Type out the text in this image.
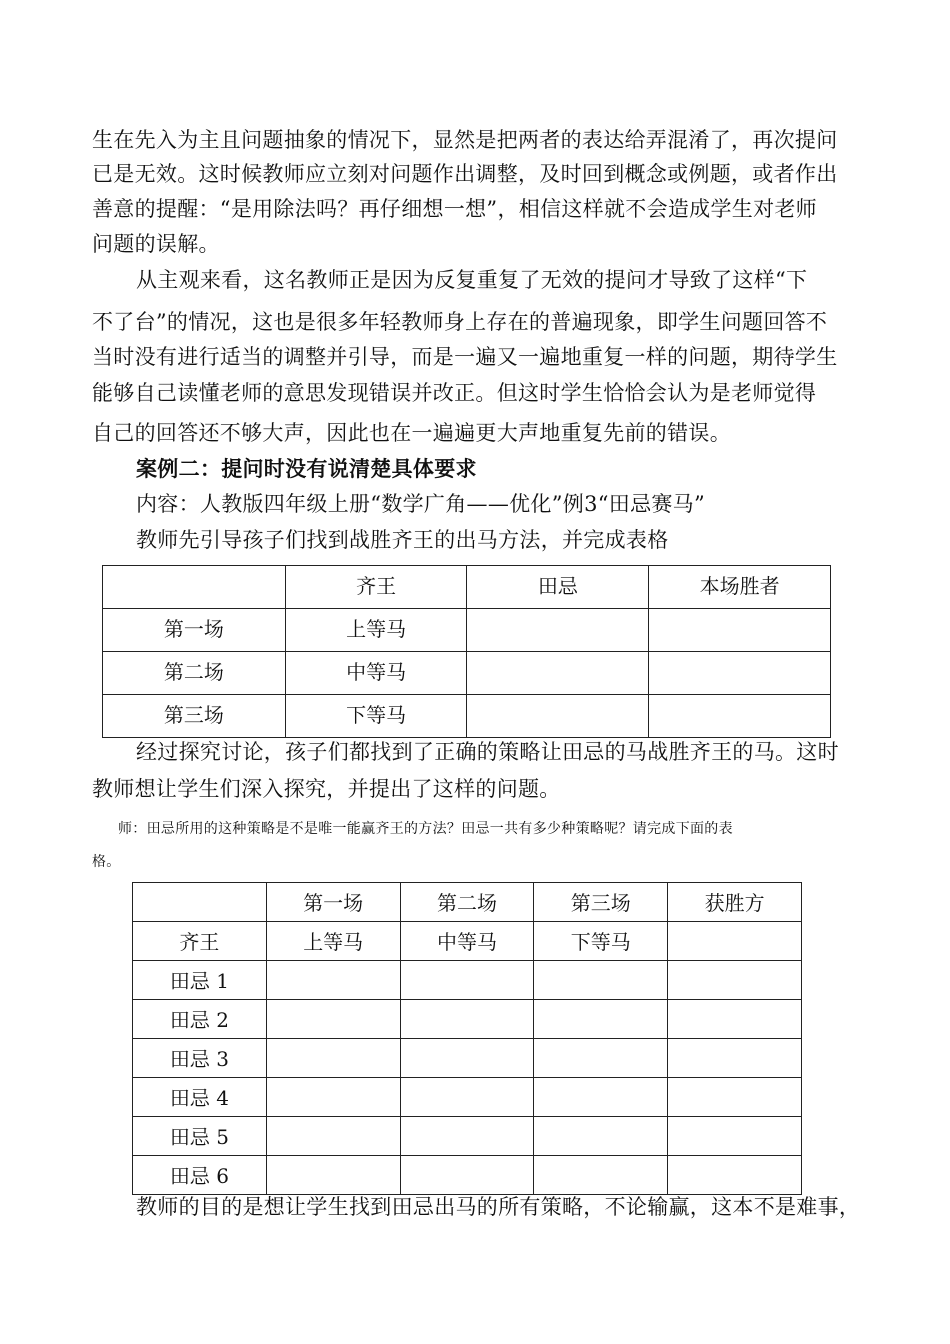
生在先入为主且问题抽象的情况下，显然是把两者的表达给弄混淆了，再次提问
已是无效。这时候教师应立刻对问题作出调整，及时回到概念或例题，或者作出
善意的提醒：“是用除法吗？再仔细想一想”，相信这样就不会造成学生对老师
问题的误解。
从主观来看，这名教师正是因为反复重复了无效的提问才导致了这样“下
不了台”的情况，这也是很多年轻教师身上存在的普遍现象，即学生问题回答不
当时没有进行适当的调整并引导，而是一遍又一遍地重复一样的问题，期待学生
能够自己读懂老师的意思发现错误并改正。但这时学生恰恰会认为是老师觉得
自己的回答还不够大声，因此也在一遍遍更大声地重复先前的错误。
案例二：提问时没有说清楚具体要求
内容：人教版四年级上册“数学广角——优化”例3“田忌赛马”
教师先引导孩子们找到战胜齐王的出马方法，并完成表格
	齐王	田忌	本场胜者
第一场	上等马		
第二场	中等马		
第三场	下等马		
经过探究讨论，孩子们都找到了正确的策略让田忌的马战胜齐王的马。这时
教师想让学生们深入探究，并提出了这样的问题。
师：田忌所用的这种策略是不是唯一能赢齐王的方法？田忌一共有多少种策略呢？请完成下面的表
格。
	第一场	第二场	第三场	获胜方
齐王	上等马	中等马	下等马	
田忌 1				
田忌 2				
田忌 3				
田忌 4				
田忌 5				
田忌 6				
教师的目的是想让学生找到田忌出马的所有策略，不论输赢，这本不是难事，
